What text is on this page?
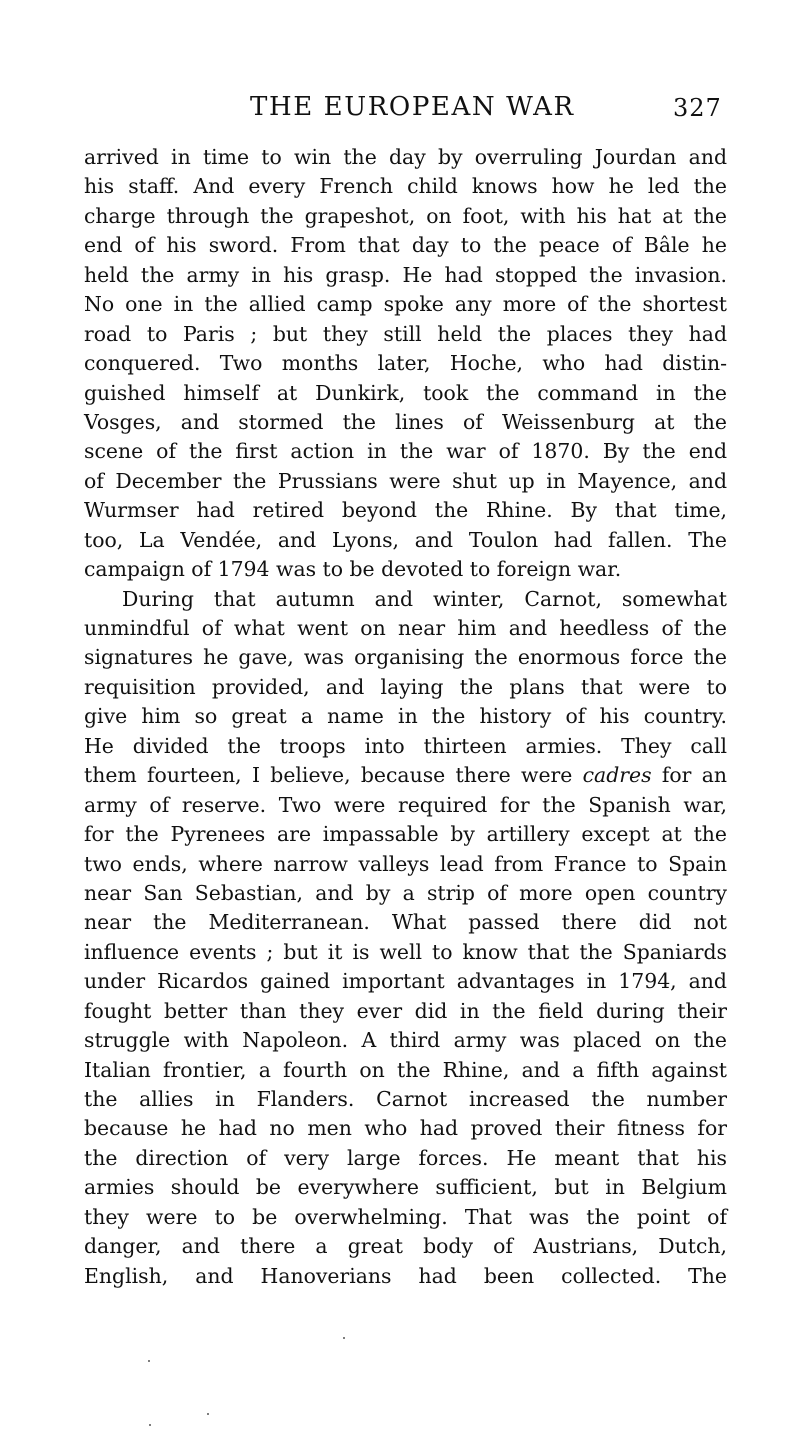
THE EUROPEAN WAR	327
arrived in time to win the day by overruling Jourdan and
his staff. And every French child knows how he led the
charge through the grapeshot, on foot, with his hat at the
end of his sword. From that day to the peace of Bâle he
held the army in his grasp. He had stopped the invasion.
No one in the allied camp spoke any more of the shortest
road to Paris ; but they still held the places they had
conquered. Two months later, Hoche, who had distin-
guished himself at Dunkirk, took the command in the
Vosges, and stormed the lines of Weissenburg at the
scene of the first action in the war of 1870. By the end
of December the Prussians were shut up in Mayence, and
Wurmser had retired beyond the Rhine. By that time,
too, La Vendée, and Lyons, and Toulon had fallen. The
campaign of 1794 was to be devoted to foreign war.
During that autumn and winter, Carnot, somewhat
unmindful of what went on near him and heedless of the
signatures he gave, was organising the enormous force the
requisition provided, and laying the plans that were to
give him so great a name in the history of his country.
He divided the troops into thirteen armies. They call
them fourteen, I believe, because there were cadres for an
army of reserve. Two were required for the Spanish war,
for the Pyrenees are impassable by artillery except at the
two ends, where narrow valleys lead from France to Spain
near San Sebastian, and by a strip of more open country
near the Mediterranean. What passed there did not
influence events ; but it is well to know that the Spaniards
under Ricardos gained important advantages in 1794, and
fought better than they ever did in the field during their
struggle with Napoleon. A third army was placed on the
Italian frontier, a fourth on the Rhine, and a fifth against
the allies in Flanders. Carnot increased the number
because he had no men who had proved their fitness for
the direction of very large forces. He meant that his
armies should be everywhere sufficient, but in Belgium
they were to be overwhelming. That was the point of
danger, and there a great body of Austrians, Dutch,
English, and Hanoverians had been collected. The
